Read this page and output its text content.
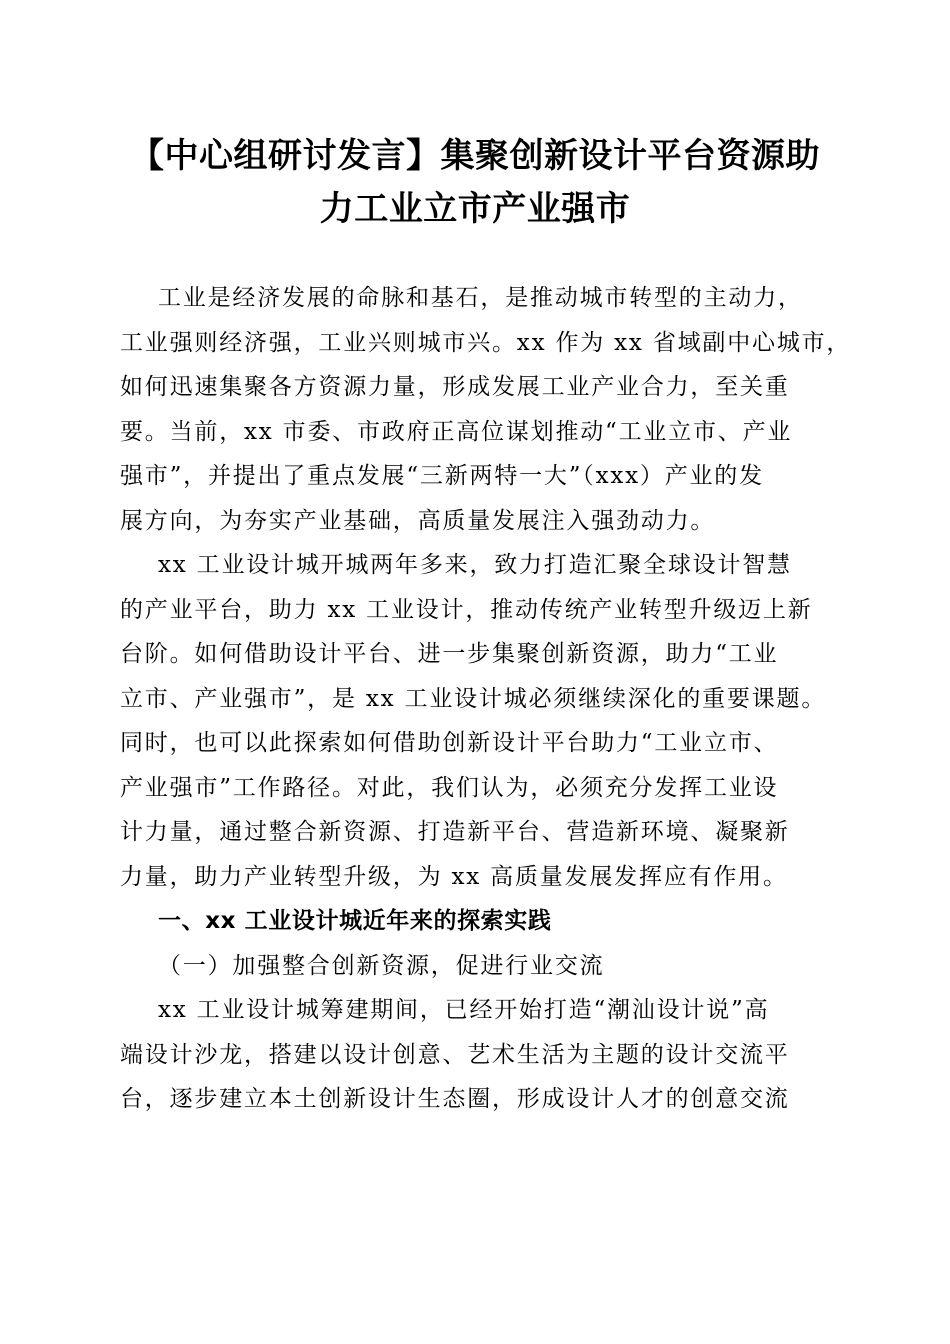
【中心组研讨发言】集聚创新设计平台资源助
力工业立市产业强市
工业是经济发展的命脉和基石，是推动城市转型的主动力，
工业强则经济强，工业兴则城市兴。xx 作为 xx 省域副中心城市，
如何迅速集聚各方资源力量，形成发展工业产业合力，至关重
要。当前，xx 市委、市政府正高位谋划推动“工业立市、产业
强市”，并提出了重点发展“三新两特一大”（xxx）产业的发
展方向，为夯实产业基础，高质量发展注入强劲动力。
xx 工业设计城开城两年多来，致力打造汇聚全球设计智慧
的产业平台，助力 xx 工业设计，推动传统产业转型升级迈上新
台阶。如何借助设计平台、进一步集聚创新资源，助力“工业
立市、产业强市”，是 xx 工业设计城必须继续深化的重要课题。
同时，也可以此探索如何借助创新设计平台助力“工业立市、
产业强市”工作路径。对此，我们认为，必须充分发挥工业设
计力量，通过整合新资源、打造新平台、营造新环境、凝聚新
力量，助力产业转型升级，为 xx 高质量发展发挥应有作用。
一、xx 工业设计城近年来的探索实践
（一）加强整合创新资源，促进行业交流
xx 工业设计城筹建期间，已经开始打造“潮汕设计说”高
端设计沙龙，搭建以设计创意、艺术生活为主题的设计交流平
台，逐步建立本土创新设计生态圈，形成设计人才的创意交流
